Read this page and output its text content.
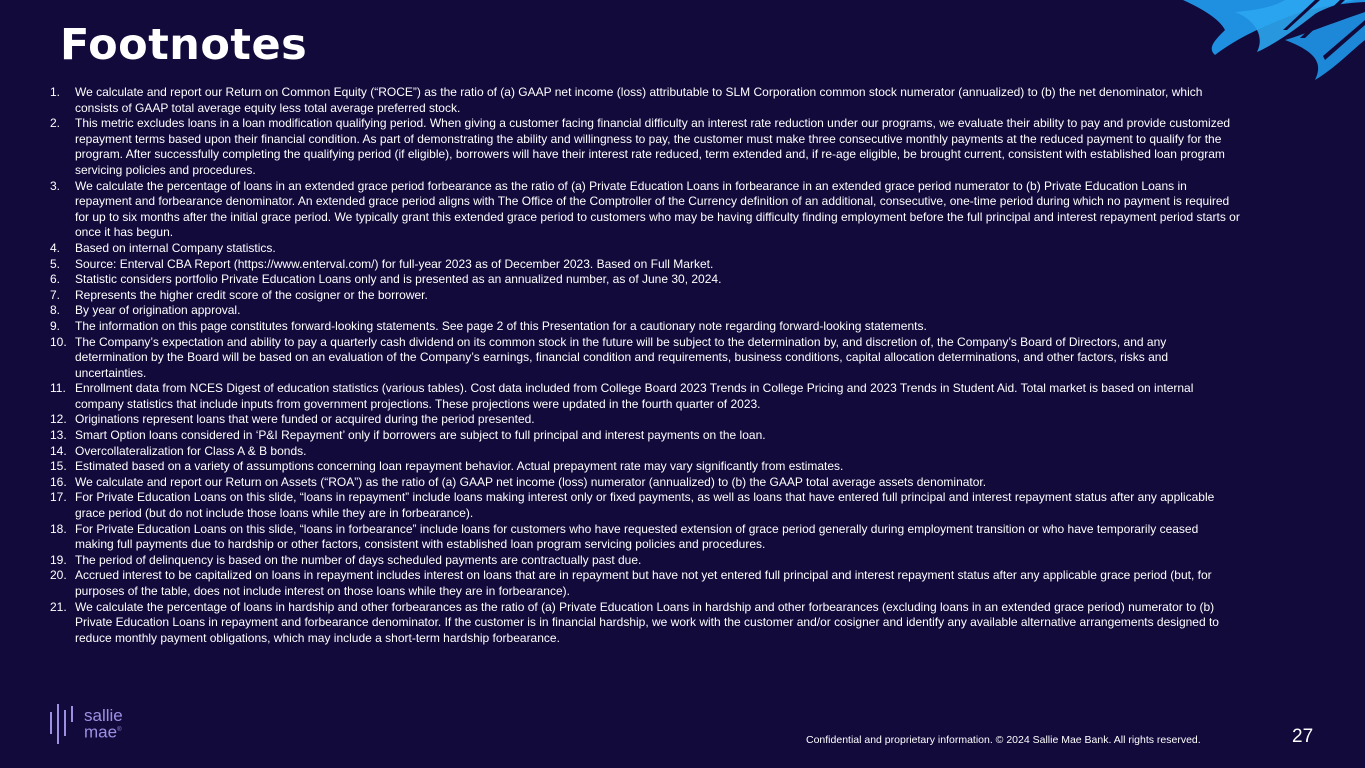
Footnotes
1. We calculate and report our Return on Common Equity (“ROCE”) as the ratio of (a) GAAP net income (loss) attributable to SLM Corporation common stock numerator (annualized) to (b) the net denominator, which consists of GAAP total average equity less total average preferred stock.
2. This metric excludes loans in a loan modification qualifying period. When giving a customer facing financial difficulty an interest rate reduction under our programs, we evaluate their ability to pay and provide customized repayment terms based upon their financial condition. As part of demonstrating the ability and willingness to pay, the customer must make three consecutive monthly payments at the reduced payment to qualify for the program. After successfully completing the qualifying period (if eligible), borrowers will have their interest rate reduced, term extended and, if re-age eligible, be brought current, consistent with established loan program servicing policies and procedures.
3. We calculate the percentage of loans in an extended grace period forbearance as the ratio of (a) Private Education Loans in forbearance in an extended grace period numerator to (b) Private Education Loans in repayment and forbearance denominator. An extended grace period aligns with The Office of the Comptroller of the Currency definition of an additional, consecutive, one-time period during which no payment is required for up to six months after the initial grace period. We typically grant this extended grace period to customers who may be having difficulty finding employment before the full principal and interest repayment period starts or once it has begun.
4. Based on internal Company statistics.
5. Source: Enterval CBA Report (https://www.enterval.com/) for full-year 2023 as of December 2023. Based on Full Market.
6. Statistic considers portfolio Private Education Loans only and is presented as an annualized number, as of June 30, 2024.
7. Represents the higher credit score of the cosigner or the borrower.
8. By year of origination approval.
9. The information on this page constitutes forward-looking statements. See page 2 of this Presentation for a cautionary note regarding forward-looking statements.
10. The Company’s expectation and ability to pay a quarterly cash dividend on its common stock in the future will be subject to the determination by, and discretion of, the Company’s Board of Directors, and any determination by the Board will be based on an evaluation of the Company’s earnings, financial condition and requirements, business conditions, capital allocation determinations, and other factors, risks and uncertainties.
11. Enrollment data from NCES Digest of education statistics (various tables). Cost data included from College Board 2023 Trends in College Pricing and 2023 Trends in Student Aid. Total market is based on internal company statistics that include inputs from government projections. These projections were updated in the fourth quarter of 2023.
12. Originations represent loans that were funded or acquired during the period presented.
13. Smart Option loans considered in ‘P&I Repayment’ only if borrowers are subject to full principal and interest payments on the loan.
14. Overcollateralization for Class A & B bonds.
15. Estimated based on a variety of assumptions concerning loan repayment behavior. Actual prepayment rate may vary significantly from estimates.
16. We calculate and report our Return on Assets (“ROA”) as the ratio of (a) GAAP net income (loss) numerator (annualized) to (b) the GAAP total average assets denominator.
17. For Private Education Loans on this slide, “loans in repayment” include loans making interest only or fixed payments, as well as loans that have entered full principal and interest repayment status after any applicable grace period (but do not include those loans while they are in forbearance).
18. For Private Education Loans on this slide, “loans in forbearance” include loans for customers who have requested extension of grace period generally during employment transition or who have temporarily ceased making full payments due to hardship or other factors, consistent with established loan program servicing policies and procedures.
19. The period of delinquency is based on the number of days scheduled payments are contractually past due.
20. Accrued interest to be capitalized on loans in repayment includes interest on loans that are in repayment but have not yet entered full principal and interest repayment status after any applicable grace period (but, for purposes of the table, does not include interest on those loans while they are in forbearance).
21. We calculate the percentage of loans in hardship and other forbearances as the ratio of (a) Private Education Loans in hardship and other forbearances (excluding loans in an extended grace period) numerator to (b) Private Education Loans in repayment and forbearance denominator. If the customer is in financial hardship, we work with the customer and/or cosigner and identify any available alternative arrangements designed to reduce monthly payment obligations, which may include a short-term hardship forbearance.
sallie
mae®
Confidential and proprietary information. © 2024 Sallie Mae Bank. All rights reserved.	27
